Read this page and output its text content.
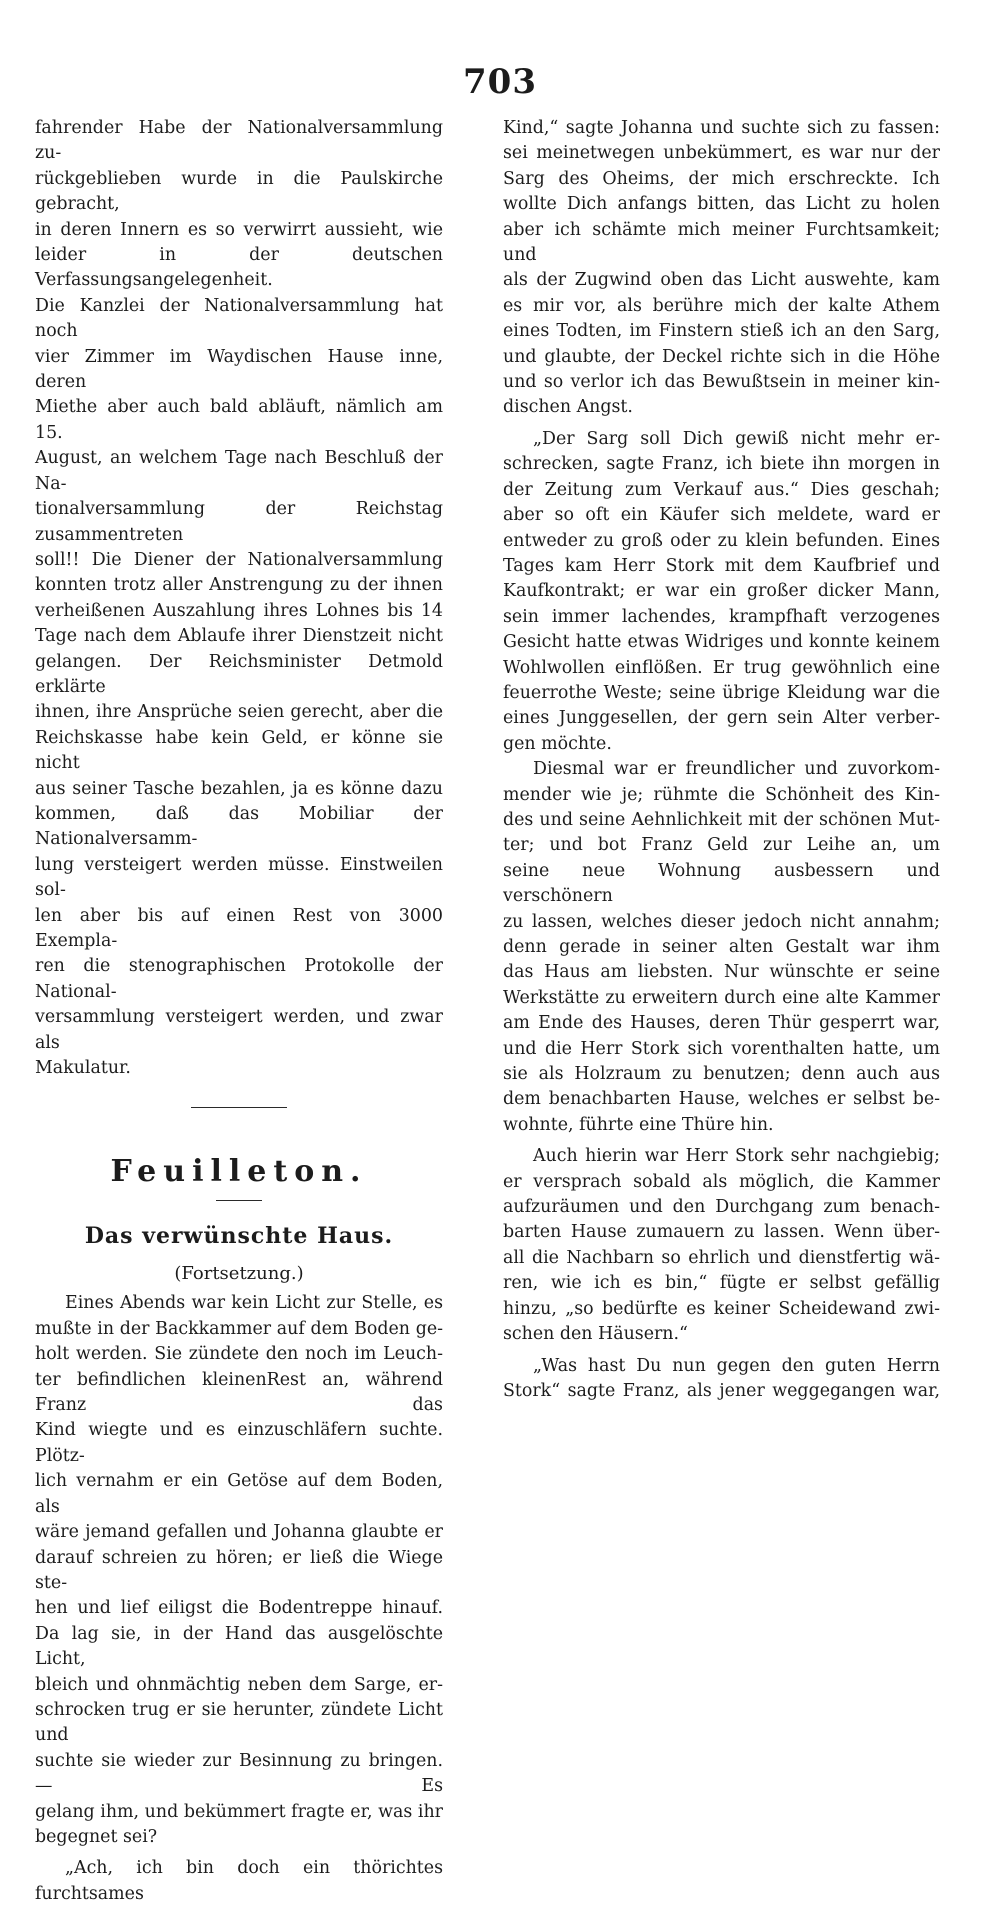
703

fahrender Habe der Nationalversammlung zu-

rückgeblieben wurde in die Paulskirche gebracht,

in deren Innern es so verwirrt aussieht, wie

leider in der deutschen Verfassungsangelegenheit.

Die Kanzlei der Nationalversammlung hat noch

vier Zimmer im Waydischen Hause inne, deren

Miethe aber auch bald abläuft, nämlich am 15.

August, an welchem Tage nach Beschluß der Na-

tionalversammlung der Reichstag zusammentreten

soll!! Die Diener der Nationalversammlung

konnten trotz aller Anstrengung zu der ihnen

verheißenen Auszahlung ihres Lohnes bis 14

Tage nach dem Ablaufe ihrer Dienstzeit nicht

gelangen. Der Reichsminister Detmold erklärte

ihnen, ihre Ansprüche seien gerecht, aber die

Reichskasse habe kein Geld, er könne sie nicht

aus seiner Tasche bezahlen, ja es könne dazu

kommen, daß das Mobiliar der Nationalversamm-

lung versteigert werden müsse. Einstweilen sol-

len aber bis auf einen Rest von 3000 Exempla-

ren die stenographischen Protokolle der National-

versammlung versteigert werden, und zwar als

Makulatur.

Feuilleton.
Das verwünschte Haus.
(Fortsetzung.)

Eines Abends war kein Licht zur Stelle, es

mußte in der Backkammer auf dem Boden ge-

holt werden. Sie zündete den noch im Leuch-

ter befindlichen kleinenRest an, während Franz das

Kind wiegte und es einzuschläfern suchte. Plötz-

lich vernahm er ein Getöse auf dem Boden, als

wäre jemand gefallen und Johanna glaubte er

darauf schreien zu hören; er ließ die Wiege ste-

hen und lief eiligst die Bodentreppe hinauf.

Da lag sie, in der Hand das ausgelöschte Licht,

bleich und ohnmächtig neben dem Sarge, er-

schrocken trug er sie herunter, zündete Licht und

suchte sie wieder zur Besinnung zu bringen. — Es

gelang ihm, und bekümmert fragte er, was ihr

begegnet sei?

„Ach, ich bin doch ein thörichtes furchtsames

Kind,“ sagte Johanna und suchte sich zu fassen:

sei meinetwegen unbekümmert, es war nur der

Sarg des Oheims, der mich erschreckte. Ich

wollte Dich anfangs bitten, das Licht zu holen

aber ich schämte mich meiner Furchtsamkeit; und

als der Zugwind oben das Licht auswehte, kam

es mir vor, als berühre mich der kalte Athem

eines Todten, im Finstern stieß ich an den Sarg,

und glaubte, der Deckel richte sich in die Höhe

und so verlor ich das Bewußtsein in meiner kin-

dischen Angst.

„Der Sarg soll Dich gewiß nicht mehr er-

schrecken, sagte Franz, ich biete ihn morgen in

der Zeitung zum Verkauf aus.“ Dies geschah;

aber so oft ein Käufer sich meldete, ward er

entweder zu groß oder zu klein befunden. Eines

Tages kam Herr Stork mit dem Kaufbrief und

Kaufkontrakt; er war ein großer dicker Mann,

sein immer lachendes, krampfhaft verzogenes

Gesicht hatte etwas Widriges und konnte keinem

Wohlwollen einflößen. Er trug gewöhnlich eine

feuerrothe Weste; seine übrige Kleidung war die

eines Junggesellen, der gern sein Alter verber-

gen möchte.

Diesmal war er freundlicher und zuvorkom-

mender wie je; rühmte die Schönheit des Kin-

des und seine Aehnlichkeit mit der schönen Mut-

ter; und bot Franz Geld zur Leihe an, um

seine neue Wohnung ausbessern und verschönern

zu lassen, welches dieser jedoch nicht annahm;

denn gerade in seiner alten Gestalt war ihm

das Haus am liebsten. Nur wünschte er seine

Werkstätte zu erweitern durch eine alte Kammer

am Ende des Hauses, deren Thür gesperrt war,

und die Herr Stork sich vorenthalten hatte, um

sie als Holzraum zu benutzen; denn auch aus

dem benachbarten Hause, welches er selbst be-

wohnte, führte eine Thüre hin.

Auch hierin war Herr Stork sehr nachgiebig;

er versprach sobald als möglich, die Kammer

aufzuräumen und den Durchgang zum benach-

barten Hause zumauern zu lassen. Wenn über-

all die Nachbarn so ehrlich und dienstfertig wä-

ren, wie ich es bin,“ fügte er selbst gefällig

hinzu, „so bedürfte es keiner Scheidewand zwi-

schen den Häusern.“

„Was hast Du nun gegen den guten Herrn

Stork“ sagte Franz, als jener weggegangen war,
